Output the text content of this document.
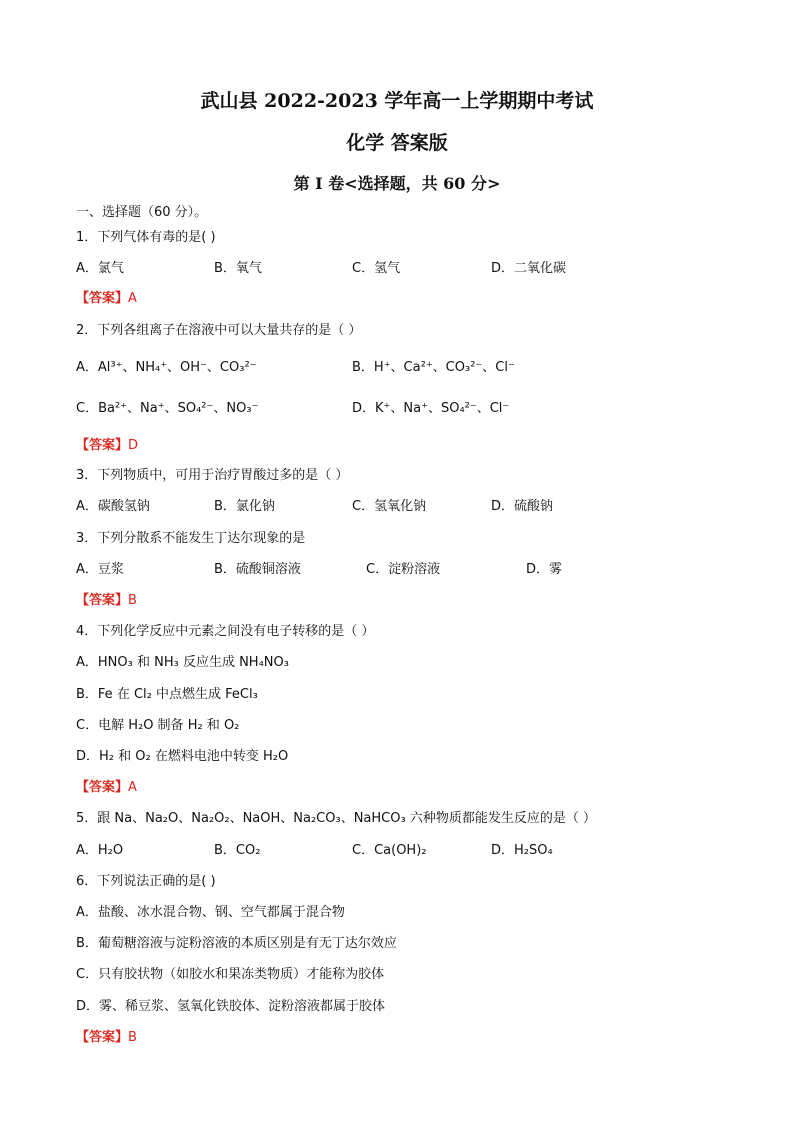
武山县 2022-2023 学年高一上学期期中考试
化学 答案版
第 I 卷<选择题，共 60 分>
一、选择题（60 分）。
1．下列气体有毒的是( )
A．氯气	B．氧气	C．氢气	D．二氧化碳
【答案】A
2．下列各组离子在溶液中可以大量共存的是（ ）
A．Al³⁺、NH₄⁺、OH⁻、CO₃²⁻	B．H⁺、Ca²⁺、CO₃²⁻、Cl⁻
C．Ba²⁺、Na⁺、SO₄²⁻、NO₃⁻	D．K⁺、Na⁺、SO₄²⁻、Cl⁻
【答案】D
3．下列物质中，可用于治疗胃酸过多的是（ ）
A．碳酸氢钠	B．氯化钠	C．氢氧化钠	D．硫酸钠
3．下列分散系不能发生丁达尔现象的是
A．豆浆	B．硫酸铜溶液	C．淀粉溶液	D．雾
【答案】B
4．下列化学反应中元素之间没有电子转移的是（ ）
A．HNO₃ 和 NH₃ 反应生成 NH₄NO₃
B．Fe 在 Cl₂ 中点燃生成 FeCl₃
C．电解 H₂O 制备 H₂ 和 O₂
D．H₂ 和 O₂ 在燃料电池中转变 H₂O
【答案】A
5．跟 Na、Na₂O、Na₂O₂、NaOH、Na₂CO₃、NaHCO₃ 六种物质都能发生反应的是（ ）
A．H₂O	B．CO₂	C．Ca(OH)₂	D．H₂SO₄
6．下列说法正确的是( )
A．盐酸、冰水混合物、钢、空气都属于混合物
B．葡萄糖溶液与淀粉溶液的本质区别是有无丁达尔效应
C．只有胶状物（如胶水和果冻类物质）才能称为胶体
D．雾、稀豆浆、氢氧化铁胶体、淀粉溶液都属于胶体
【答案】B
